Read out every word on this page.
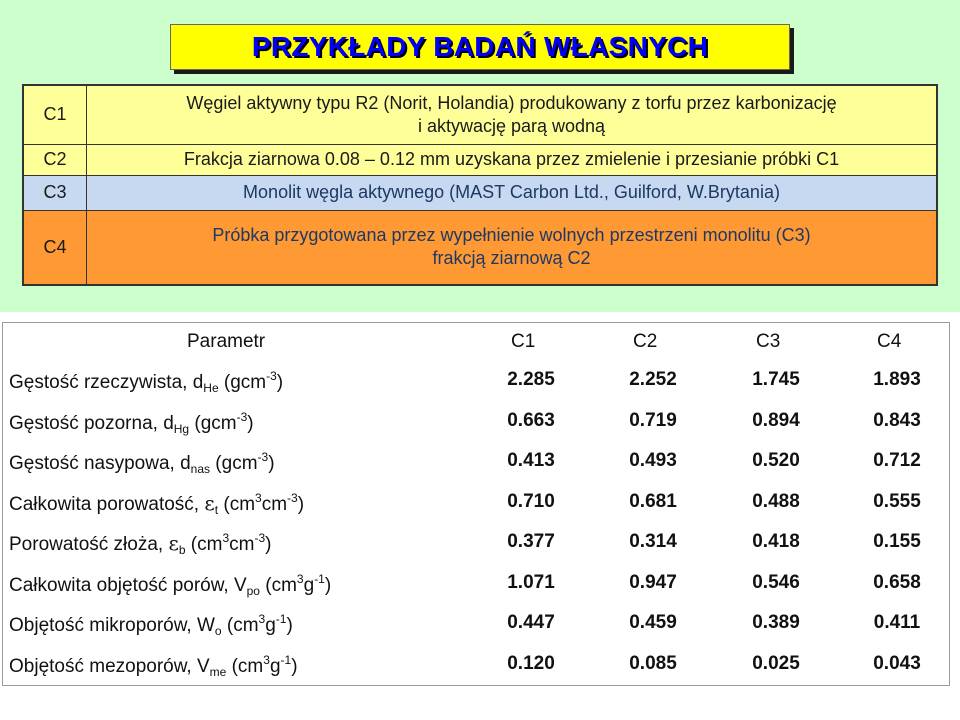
PRZYKŁADY BADAŃ WŁASNYCH
C1	Węgiel aktywny typu R2 (Norit, Holandia) produkowany z torfu przez karbonizację
i aktywację parą wodną

C2	Frakcja ziarnowa 0.08 – 0.12 mm uzyskana przez zmielenie i przesianie próbki C1

C3	Monolit węgla aktywnego (MAST Carbon Ltd., Guilford, W.Brytania)

C4	Próbka przygotowana przez wypełnienie wolnych przestrzeni monolitu (C3)
frakcją ziarnową C2
Parametr	C1	C2	C3	C4
Gęstość rzeczywista, $d_{He}$ (gcm$^{-3}$)	2.285	2.252	1.745	1.893
Gęstość pozorna, $d_{Hg}$ (gcm$^{-3}$)	0.663	0.719	0.894	0.843
Gęstość nasypowa, $d_{nas}$ (gcm$^{-3}$)	0.413	0.493	0.520	0.712
Całkowita porowatość, $\varepsilon_t$ $(cm^3cm^{-3})$	0.710	0.681	0.488	0.555
Porowatość złoża, $\varepsilon_b$ $(cm^3cm^{-3})$	0.377	0.314	0.418	0.155
Całkowita objętość porów, $V_{po}$ $(cm^3g^{-1})$	1.071	0.947	0.546	0.658
Objętość mikroporów, $W_o$ $(cm^3g^{-1})$	0.447	0.459	0.389	0.411
Objętość mezoporów, $V_{me}$ $(cm^3g^{-1})$	0.120	0.085	0.025	0.043
